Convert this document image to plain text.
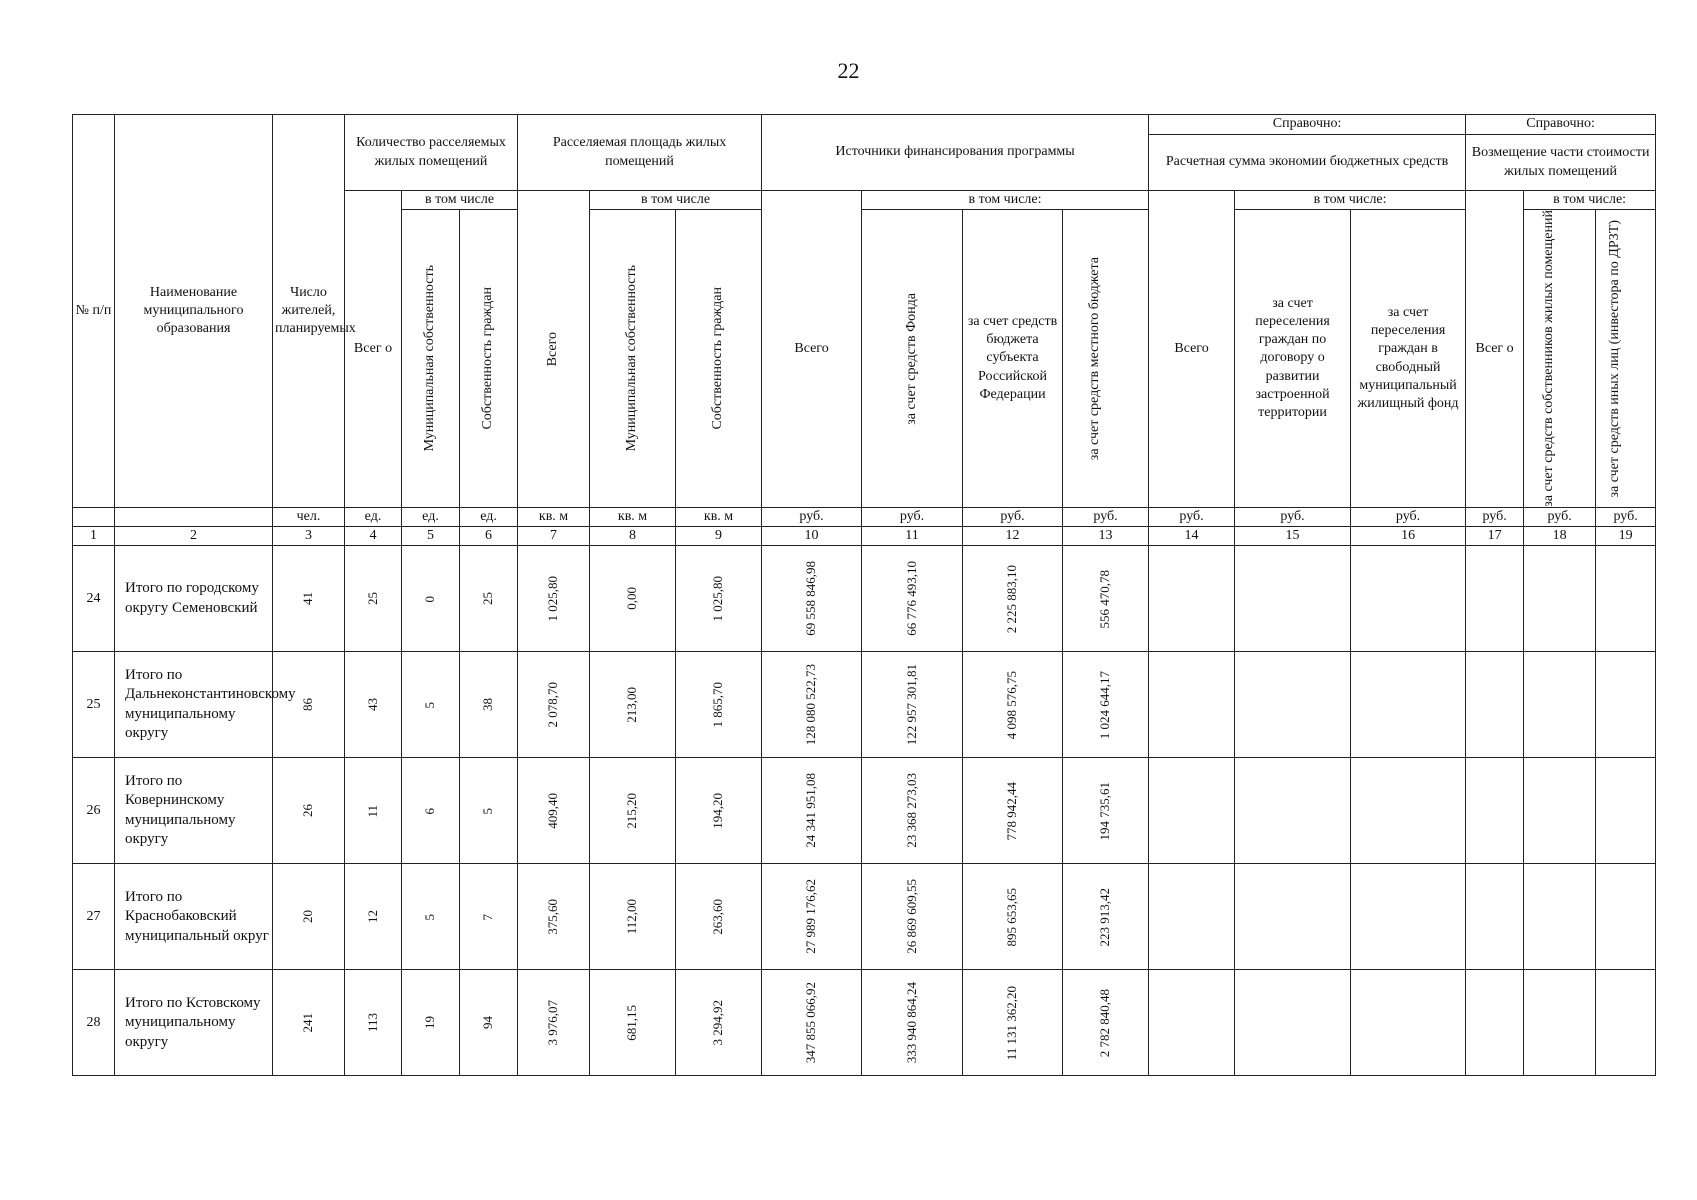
22
№ п/п	Наименование муниципального образования	Число жителей, планируемых	Количество расселяемых жилых помещений			Расселяемая площадь жилых помещений			Источники финансирования программы				Справочно:			Справочно:		
													Расчетная сумма экономии бюджетных средств			Возмещение части стоимости жилых помещений		
			Всег о	в том числе		Всего	в том числе		Всего	в том числе:			Всего	в том числе:		Всег о	в том числе:	

				Муниципальная собственность	Собственность граждан		Муниципальная собственность	Собственность граждан		за счет средств Фонда	за счет средств бюджета субъекта Российской Федерации	за счет средств местного бюджета		за счет переселения граждан по договору о развитии застроенной территории	за счет переселения граждан в свободный муниципальный жилищный фонд		за счет средств собственников жилых помещений	за счет средств иных лиц (инвестора по ДРЗТ)

		чел.	ед.	ед.	ед.	кв. м	кв. м	кв. м	руб.	руб.	руб.	руб.	руб.	руб.	руб.	руб.	руб.	руб.
1	2	3	4	5	6	7	8	9	10	11	12	13	14	15	16	17	18	19
24	Итого по городскому округу Семеновский	41	25	0	25	1 025,80	0,00	1 025,80	69 558 846,98	66 776 493,10	2 225 883,10	556 470,78						

25	Итого по Дальнеконстантиновскому муниципальному округу	86	43	5	38	2 078,70	213,00	1 865,70	128 080 522,73	122 957 301,81	4 098 576,75	1 024 644,17						

26	Итого по Ковернинскому муниципальному округу	26	11	6	5	409,40	215,20	194,20	24 341 951,08	23 368 273,03	778 942,44	194 735,61						

27	Итого по Краснобаковский муниципальный округ	20	12	5	7	375,60	112,00	263,60	27 989 176,62	26 869 609,55	895 653,65	223 913,42						

28	Итого по Кстовскому муниципальному округу	241	113	19	94	3 976,07	681,15	3 294,92	347 855 066,92	333 940 864,24	11 131 362,20	2 782 840,48						
